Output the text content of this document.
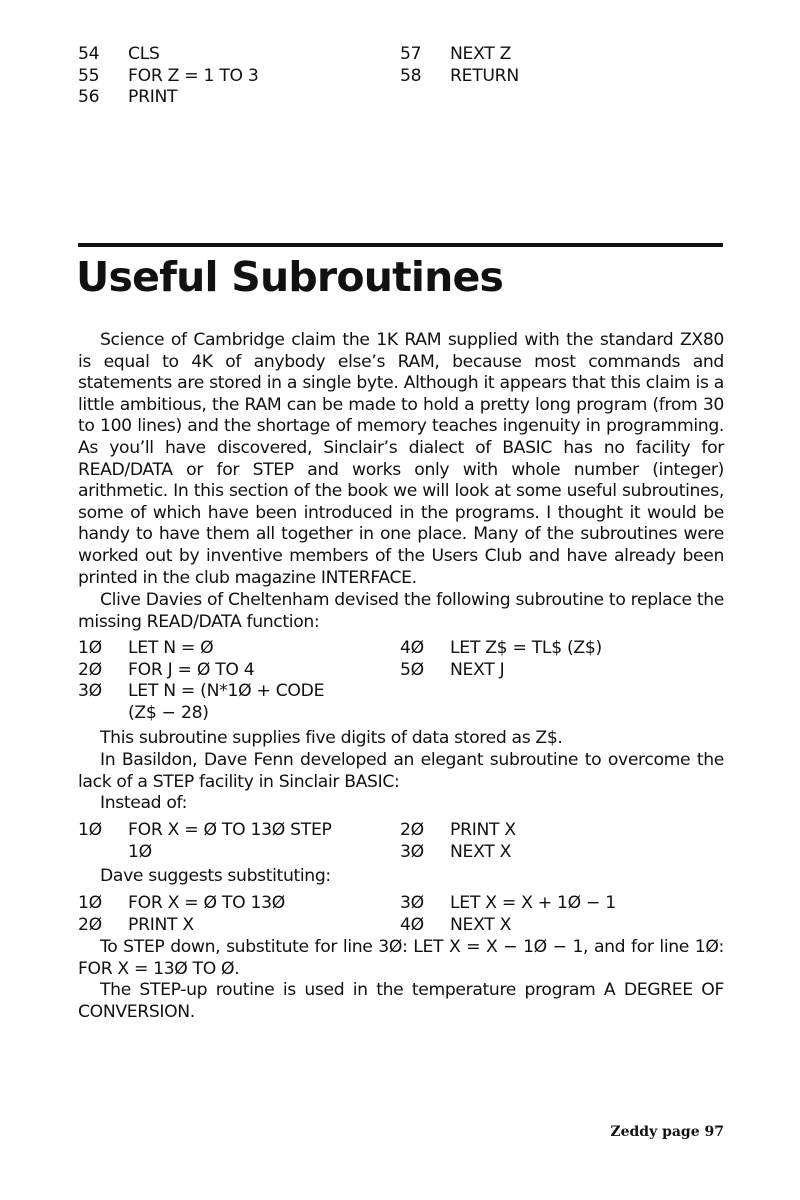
54	CLS
55	FOR Z = 1 TO 3
56	PRINT
57	NEXT Z
58	RETURN
Useful Subroutines
Science of Cambridge claim the 1K RAM supplied with the standard ZX80 is equal to 4K of anybody else’s RAM, because most commands and statements are stored in a single byte. Although it appears that this claim is a little ambitious, the RAM can be made to hold a pretty long program (from 30 to 100 lines) and the shortage of memory teaches ingenuity in programming. As you’ll have discovered, Sinclair’s dialect of BASIC has no facility for READ/DATA or for STEP and works only with whole number (integer) arithmetic. In this section of the book we will look at some useful subroutines, some of which have been introduced in the programs. I thought it would be handy to have them all together in one place. Many of the subroutines were worked out by inventive members of the Users Club and have already been printed in the club magazine INTERFACE.
Clive Davies of Cheltenham devised the following subroutine to replace the missing READ/DATA function:
1Ø	LET N = Ø
2Ø	FOR J = Ø TO 4
3Ø	LET N = (N*1Ø + CODE
(Z$ − 28)
4Ø	LET Z$ = TL$ (Z$)
5Ø	NEXT J
This subroutine supplies five digits of data stored as Z$.
In Basildon, Dave Fenn developed an elegant subroutine to overcome the lack of a STEP facility in Sinclair BASIC:
Instead of:
1Ø	FOR X = Ø TO 13Ø STEP
1Ø
2Ø	PRINT X
3Ø	NEXT X
Dave suggests substituting:
1Ø	FOR X = Ø TO 13Ø
2Ø	PRINT X
3Ø	LET X = X + 1Ø − 1
4Ø	NEXT X
To STEP down, substitute for line 3Ø: LET X = X − 1Ø − 1, and for line 1Ø: FOR X = 13Ø TO Ø.
The STEP-up routine is used in the temperature program A DEGREE OF CONVERSION.
Zeddy page 97
